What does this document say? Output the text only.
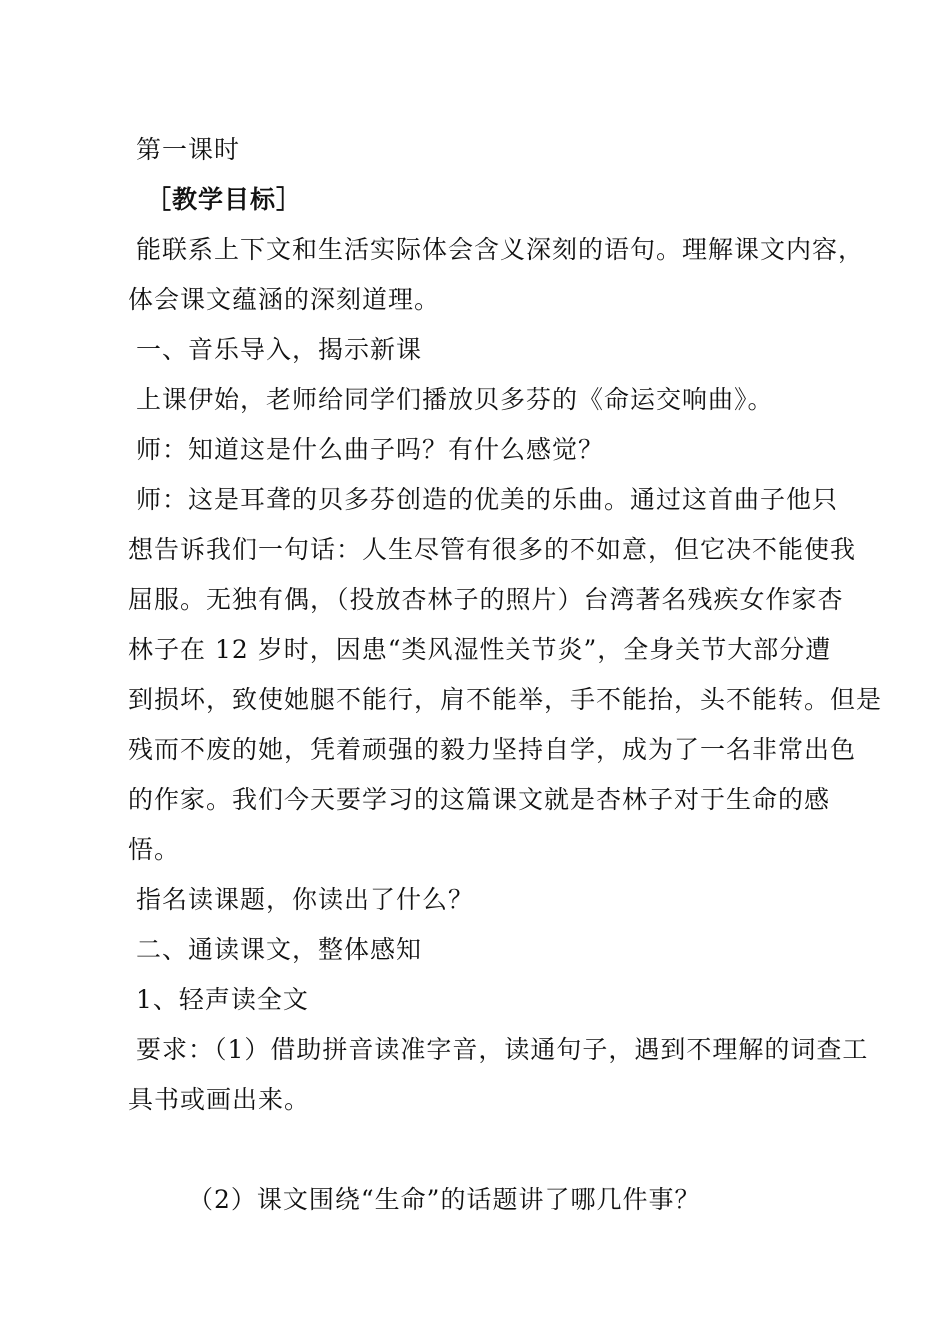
第一课时
［教学目标］
能联系上下文和生活实际体会含义深刻的语句。理解课文内容，
体会课文蕴涵的深刻道理。
一、音乐导入，揭示新课
上课伊始，老师给同学们播放贝多芬的《命运交响曲》。
师：知道这是什么曲子吗？有什么感觉？
师：这是耳聋的贝多芬创造的优美的乐曲。通过这首曲子他只
想告诉我们一句话：人生尽管有很多的不如意，但它决不能使我
屈服。无独有偶，（投放杏林子的照片）台湾著名残疾女作家杏
林子在 12 岁时，因患“类风湿性关节炎”，全身关节大部分遭
到损坏，致使她腿不能行，肩不能举，手不能抬，头不能转。但是
残而不废的她，凭着顽强的毅力坚持自学，成为了一名非常出色
的作家。我们今天要学习的这篇课文就是杏林子对于生命的感
悟。
指名读课题，你读出了什么？
二、通读课文，整体感知
1、轻声读全文
要求：（1）借助拼音读准字音，读通句子，遇到不理解的词查工
具书或画出来。
（2）课文围绕“生命”的话题讲了哪几件事？
